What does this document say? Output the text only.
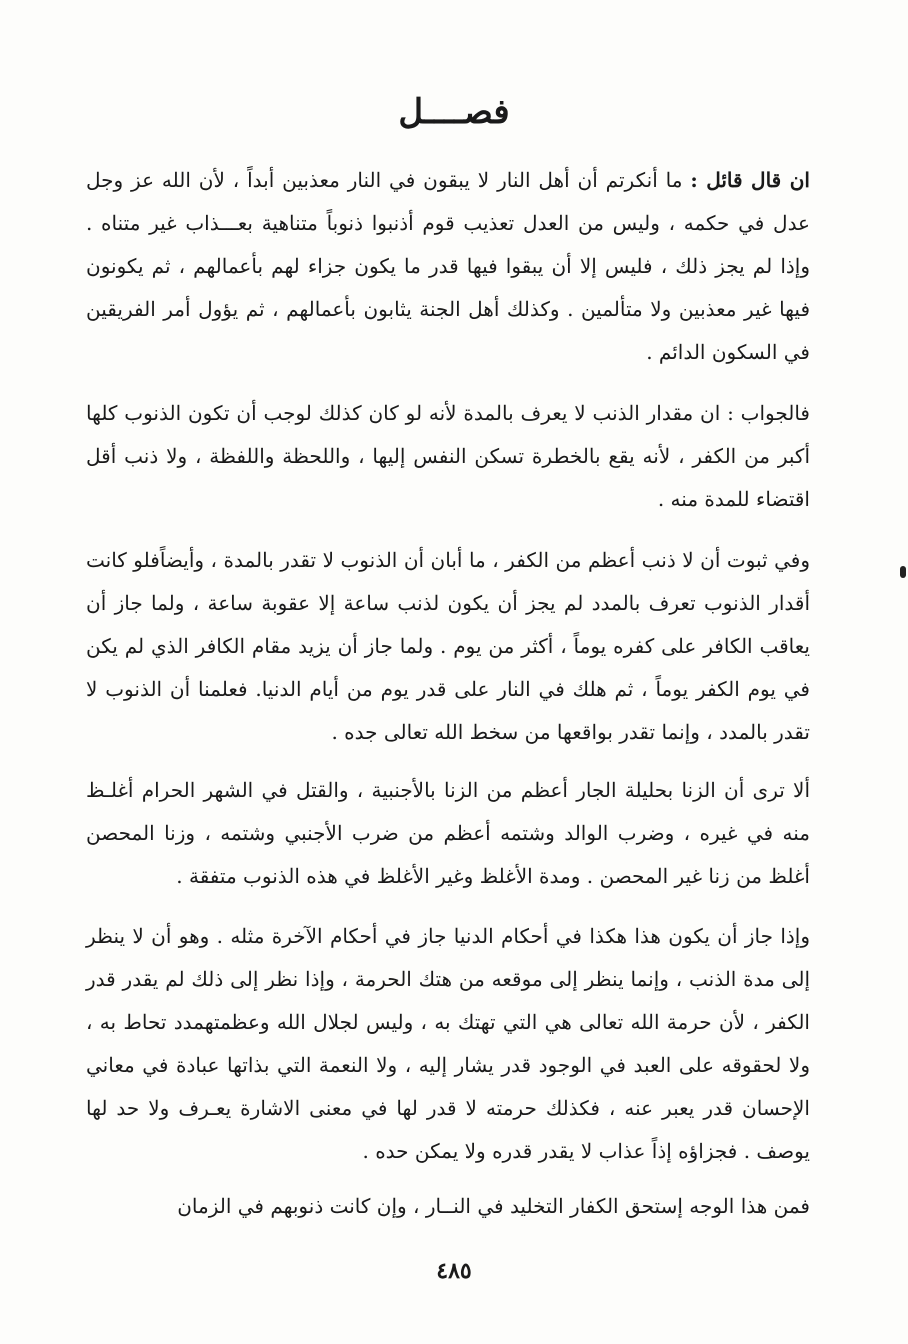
فصــــل
ان قال قائل : ما أنكرتم أن أهل النار لا يبقون في النار معذبين أبداً ، لأن الله عز وجل عدل في حكمه ، وليس من العدل تعذيب قوم أذنبوا ذنوباً متناهية بعـــذاب غير متناه . وإذا لم يجز ذلك ، فليس إلا أن يبقوا فيها قدر ما يكون جزاء لهم بأعمالهم ، ثم يكونون فيها غير معذبين ولا متألمين . وكذلك أهل الجنة يثابون بأعمالهم ، ثم يؤول أمر الفريقين في السكون الدائم .
فالجواب : ان مقدار الذنب لا يعرف بالمدة لأنه لو كان كذلك لوجب أن تكون الذنوب كلها أكبر من الكفر ، لأنه يقع بالخطرة تسكن النفس إليها ، واللحظة واللفظة ، ولا ذنب أقل اقتضاء للمدة منه .
وفي ثبوت أن لا ذنب أعظم من الكفر ، ما أبان أن الذنوب لا تقدر بالمدة ، وأيضاًفلو كانت أقدار الذنوب تعرف بالمدد لم يجز أن يكون لذنب ساعة إلا عقوبة ساعة ، ولما جاز أن يعاقب الكافر على كفره يوماً ، أكثر من يوم . ولما جاز أن يزيد مقام الكافر الذي لم يكن في يوم الكفر يوماً ، ثم هلك في النار على قدر يوم من أيام الدنيا. فعلمنا أن الذنوب لا تقدر بالمدد ، وإنما تقدر بواقعها من سخط الله تعالى جده .
ألا ترى أن الزنا بحليلة الجار أعظم من الزنا بالأجنبية ، والقتل في الشهر الحرام أغلـظ منه في غيره ، وضرب الوالد وشتمه أعظم من ضرب الأجنبي وشتمه ، وزنا المحصن أغلظ من زنا غير المحصن . ومدة الأغلظ وغير الأغلظ في هذه الذنوب متفقة .
وإذا جاز أن يكون هذا هكذا في أحكام الدنيا جاز في أحكام الآخرة مثله . وهو أن لا ينظر إلى مدة الذنب ، وإنما ينظر إلى موقعه من هتك الحرمة ، وإذا نظر إلى ذلك لم يقدر قدر الكفر ، لأن حرمة الله تعالى هي التي تهتك به ، وليس لجلال الله وعظمتهمدد تحاط به ، ولا لحقوقه على العبد في الوجود قدر يشار إليه ، ولا النعمة التي بذاتها عبادة في معاني الإحسان قدر يعبر عنه ، فكذلك حرمته لا قدر لها في معنى الاشارة يعـرف ولا حد لها يوصف . فجزاؤه إذاً عذاب لا يقدر قدره ولا يمكن حده .
فمن هذا الوجه إستحق الكفار التخليد في النــار ، وإن كانت ذنوبهم في الزمان
٤٨٥
